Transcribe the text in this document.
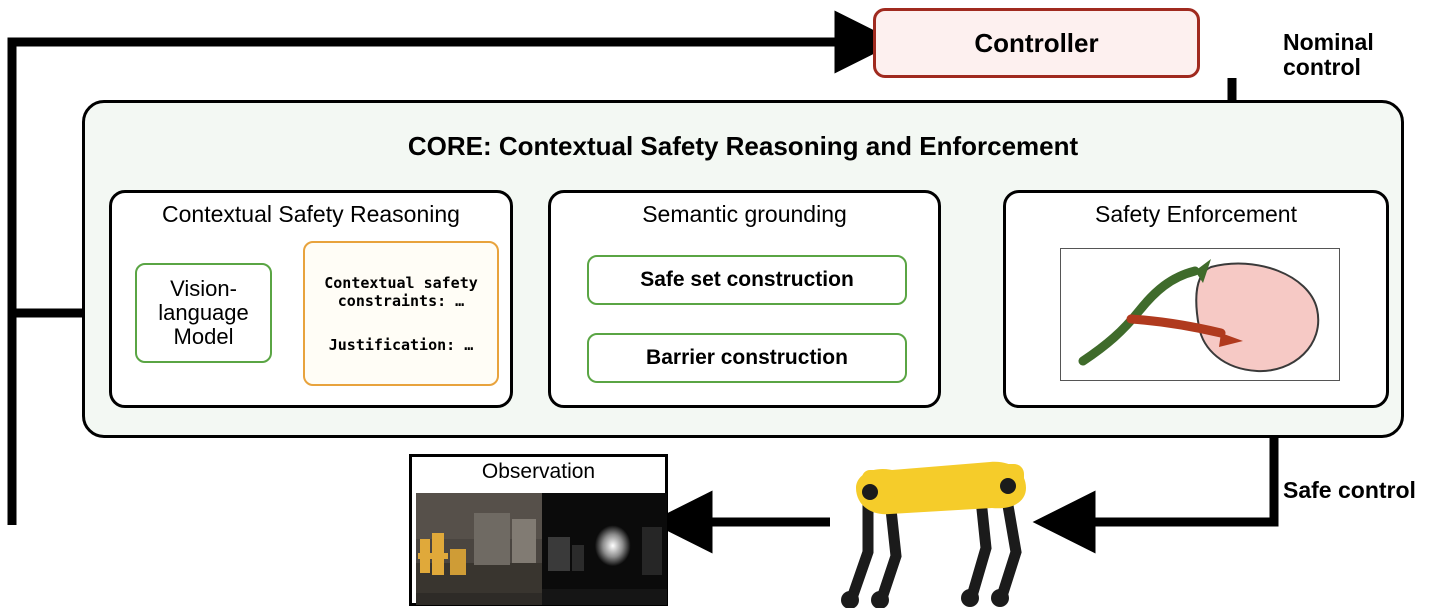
Controller
CORE: Contextual Safety Reasoning and Enforcement
Contextual Safety Reasoning
Vision-language Model
Contextual safety constraints: …
Justification: …
Semantic grounding
Safe set construction
Barrier construction
Safety Enforcement
Observation
Nominal control
Safe control
